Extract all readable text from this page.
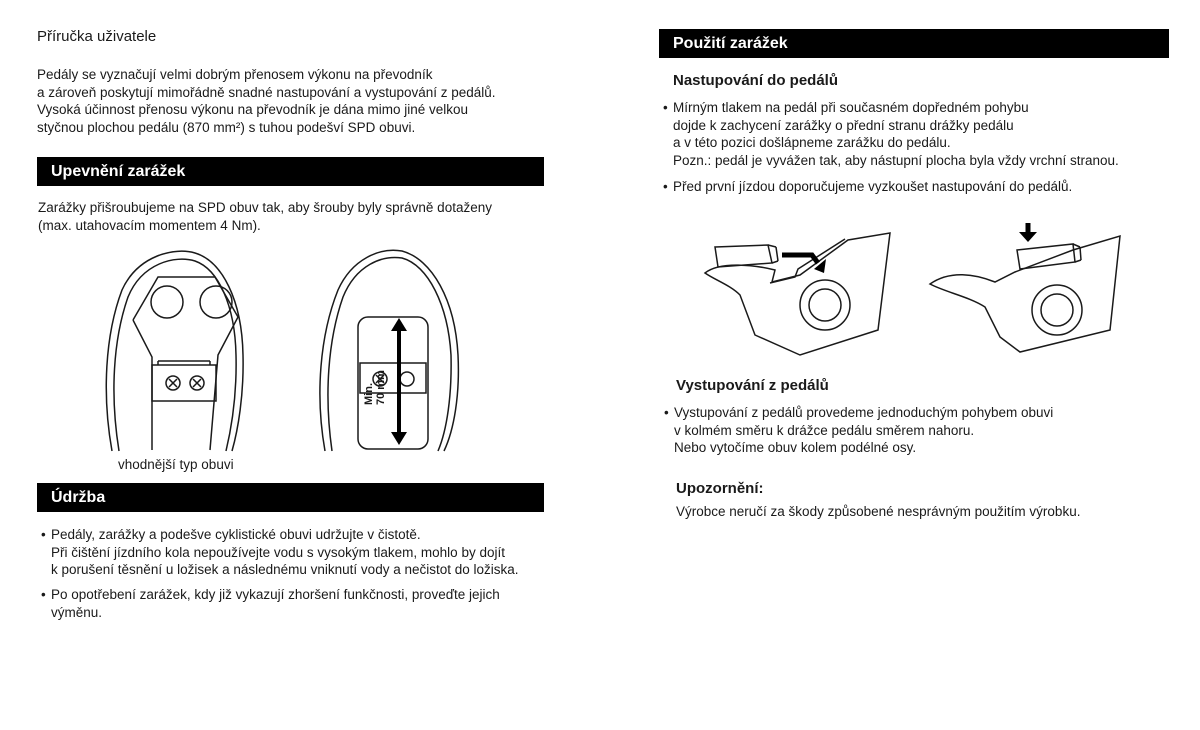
Příručka uživatele
Pedály se vyznačují velmi dobrým přenosem výkonu na převodník
a zároveň poskytují mimořádně snadné nastupování a vystupování z pedálů.
Vysoká účinnost přenosu výkonu na převodník je dána mimo jiné velkou
styčnou plochou pedálu (870 mm²) s tuhou podešví SPD obuvi.
Upevnění zarážek
Zarážky přišroubujeme na SPD obuv tak, aby šrouby byly správně dotaženy
(max. utahovacím momentem 4 Nm).
Min. 70 mm
vhodnější typ obuvi
Údržba
• Pedály, zarážky a podešve cyklistické obuvi udržujte v čistotě.
Při čištění jízdního kola nepoužívejte vodu s vysokým tlakem, mohlo by dojít
k porušení těsnění u ložisek a následnému vniknutí vody a nečistot do ložiska.
• Po opotřebení zarážek, kdy již vykazují zhoršení funkčnosti, proveďte jejich
výměnu.
Použití zarážek
Nastupování do pedálů
• Mírným tlakem na pedál při současném dopředném pohybu
dojde k zachycení zarážky o přední stranu drážky pedálu
a v této pozici došlápneme zarážku do pedálu.
Pozn.: pedál je vyvážen tak, aby nástupní plocha byla vždy vrchní stranou.
• Před první jízdou doporučujeme vyzkoušet nastupování do pedálů.
Vystupování z pedálů
• Vystupování z pedálů provedeme jednoduchým pohybem obuvi
v kolmém směru k drážce pedálu směrem nahoru.
Nebo vytočíme obuv kolem podélné osy.
Upozornění:
Výrobce neručí za škody způsobené nesprávným použitím výrobku.
